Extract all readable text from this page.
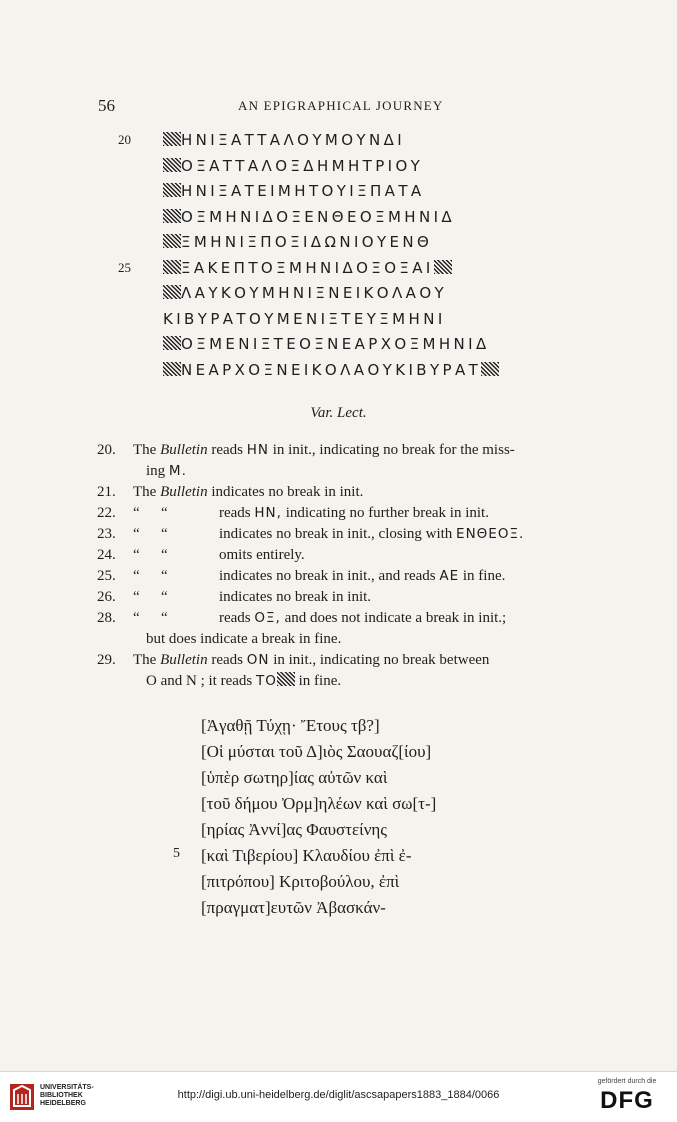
56	AN EPIGRAPHICAL JOURNEY
20	ΗΝΙΞΑΤΤΑΛΟΥΜΟΥΝΔΙ
ΟΞΑΤΤΑΛΟΞΔΗΜΗΤΡΙΟΥ
ΗΝΙΞΑΤΕΙΜΗΤΟΥΙΞΠΑΤΑ
ΟΞΜΗΝΙΔΟΞΕΝΘΕΟΞΜΗΝΙΔ
ΞΜΗΝΙΞΠΟΞΙΔΩΝΙΟΥΕΝΘ
25	ΞΑΚΕΠΤΟΞΜΗΝΙΔΟΞΟΞΑΙ
ΛΑΥΚΟΥΜΗΝΙΞΝΕΙΚΟΛΑΟΥ
ΚΙΒΥΡΑΤΟΥΜΕΝΙΞΤΕΥΞΜΗΝΙ
ΟΞΜΕΝΙΞΤΕΟΞΝΕΑΡΧΟΞΜΗΝΙΔ
ΝΕΑΡΧΟΞΝΕΙΚΟΛΑΟΥΚΙΒΥΡΑΤ
Var. Lect.
20. The Bulletin reads ΗΝ in init., indicating no break for the miss-
ing M.
21. The Bulletin indicates no break in init.
22. “ “	reads ΗΝ, indicating no further break in init.
23. “ “	indicates no break in init., closing with ΕΝΘΕΟΞ.
24. “ “	omits entirely.
25. “ “	indicates no break in init., and reads ΑΕ in fine.
26. “ “	indicates no break in init.
28. “ “	reads ΟΞ, and does not indicate a break in init.;
but does indicate a break in fine.
29. The Bulletin reads ΟΝ in init., indicating no break between
Ο and Ν ; it reads ΤΟ in fine.
[Ἀγαθῇ Τύχῃ· Ἔτους τβ?]
[Οἱ μύσται τοῦ Δ]ιὸς Σαουαζ[ίου]
[ὑπὲρ σωτηρ]ίας αὐτῶν καὶ
[τοῦ δήμου Ὀρμ]ηλέων καὶ σω[τ-]
[ηρίας Ἀννί]ας Φαυστείνης
5 [καὶ Τιβερίου] Κλαυδίου ἐπὶ ἐ-
[πιτρόπου] Κριτοβούλου, ἐπὶ
[πραγματ]ευτῶν Ἀβασκάν-
UNIVERSITÄTS-
BIBLIOTHEK
HEIDELBERG
http://digi.ub.uni-heidelberg.de/diglit/ascsapapers1883_1884/0066
gefördert durch die
DFG
